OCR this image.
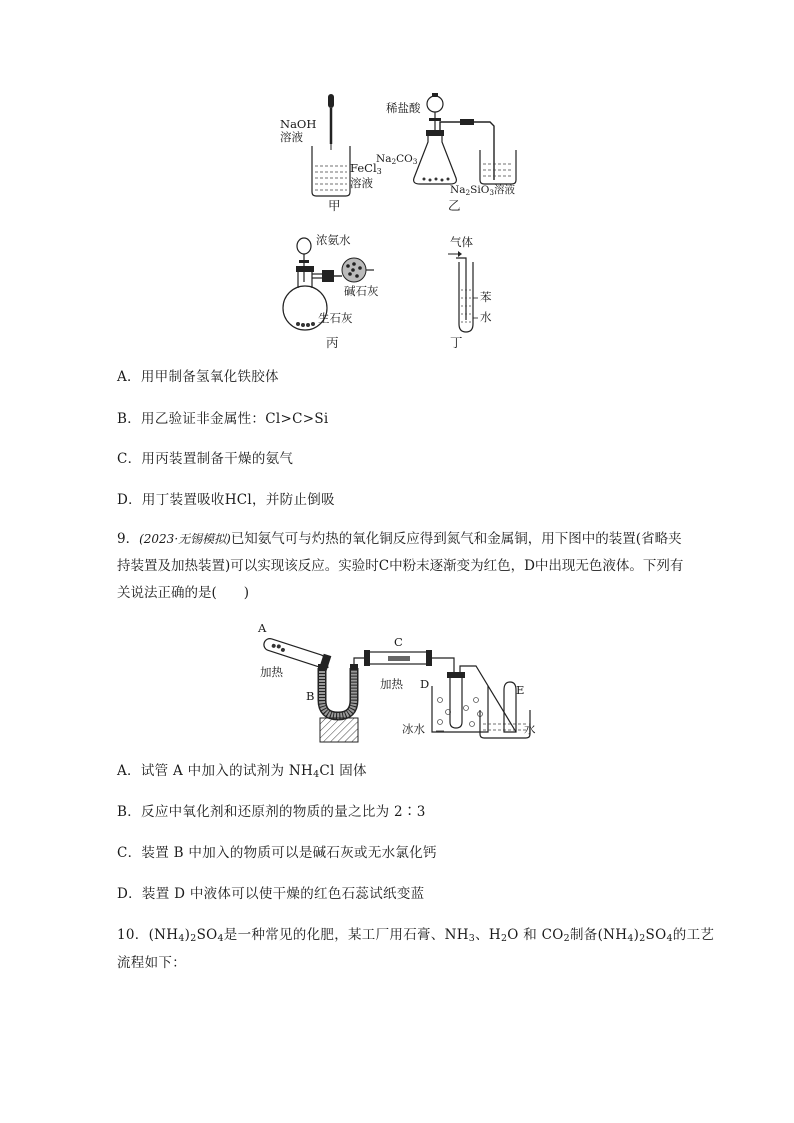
NaOH
溶液
FeCl$_3$
溶液
甲
稀盐酸
$Na_2CO_3$
$Na_2SiO_3$溶液
乙
浓氨水
碱石灰
生石灰
丙
气体
苯
水
丁
A．用甲制备氢氧化铁胶体
B．用乙验证非金属性：Cl>C>Si
C．用丙装置制备干燥的氨气
D．用丁装置吸收HCl，并防止倒吸
9．(2023·无锡模拟)已知氨气可与灼热的氧化铜反应得到氮气和金属铜，用下图中的装置(省略夹持装置及加热装置)可以实现该反应。实验时C中粉末逐渐变为红色，D中出现无色液体。下列有关说法正确的是(　　)
A
加热
B
C
加热 D	E
冰水	水
A．试管 A 中加入的试剂为 $NH_4Cl$ 固体
B．反应中氧化剂和还原剂的物质的量之比为 2∶3
C．装置 B 中加入的物质可以是碱石灰或无水氯化钙
D．装置 D 中液体可以使干燥的红色石蕊试纸变蓝
10．$(NH_4)_2SO_4$是一种常见的化肥，某工厂用石膏、$NH_3$、$H_2O$ 和 $CO_2$制备$(NH_4)_2SO_4$的工艺
流程如下：
